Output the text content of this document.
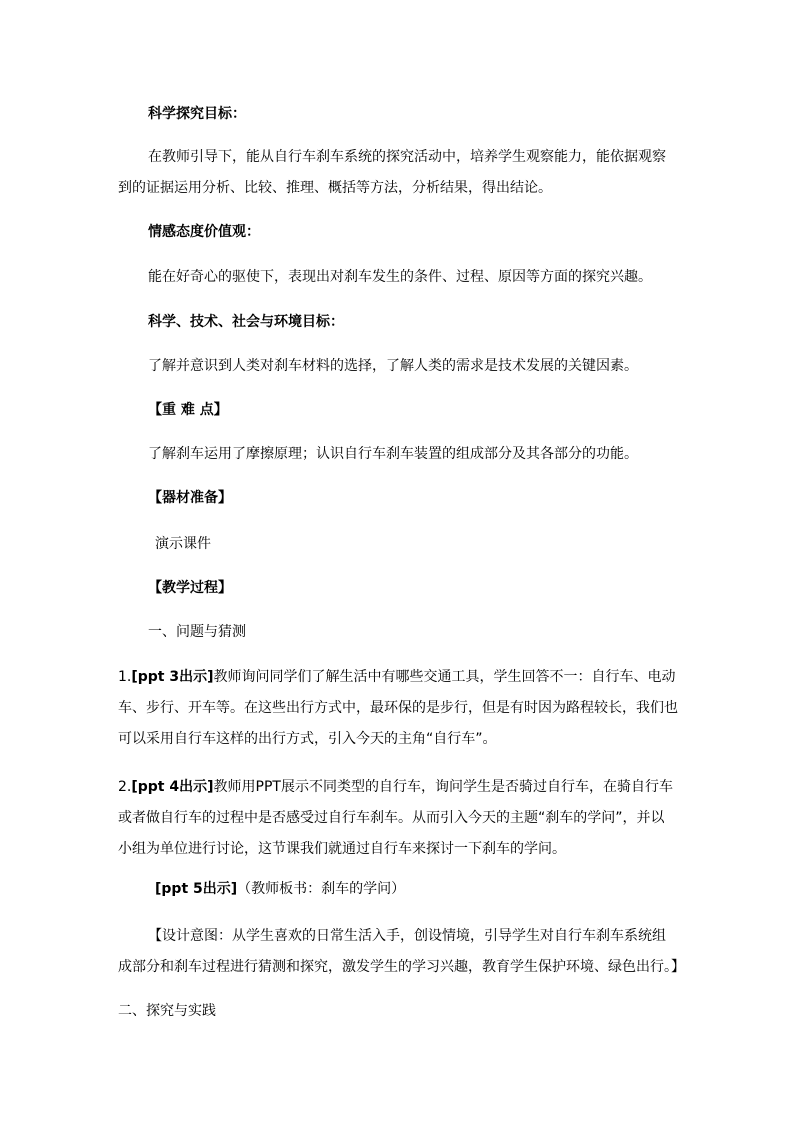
科学探究目标：
在教师引导下，能从自行车刹车系统的探究活动中，培养学生观察能力，能依据观察到的证据运用分析、比较、推理、概括等方法，分析结果，得出结论。
情感态度价值观：
能在好奇心的驱使下，表现出对刹车发生的条件、过程、原因等方面的探究兴趣。
科学、技术、社会与环境目标：
了解并意识到人类对刹车材料的选择，了解人类的需求是技术发展的关键因素。
【重 难 点】
了解刹车运用了摩擦原理；认识自行车刹车装置的组成部分及其各部分的功能。
【器材准备】
演示课件
【教学过程】
一、问题与猜测
1.[ppt 3出示]教师询问同学们了解生活中有哪些交通工具，学生回答不一：自行车、电动车、步行、开车等。在这些出行方式中，最环保的是步行，但是有时因为路程较长，我们也可以采用自行车这样的出行方式，引入今天的主角“自行车”。
2.[ppt 4出示]教师用PPT展示不同类型的自行车，询问学生是否骑过自行车，在骑自行车或者做自行车的过程中是否感受过自行车刹车。从而引入今天的主题“刹车的学问”，并以小组为单位进行讨论，这节课我们就通过自行车来探讨一下刹车的学问。
[ppt 5出示]（教师板书：刹车的学问）
【设计意图：从学生喜欢的日常生活入手，创设情境，引导学生对自行车刹车系统组成部分和刹车过程进行猜测和探究，激发学生的学习兴趣，教育学生保护环境、绿色出行。】
二、探究与实践
